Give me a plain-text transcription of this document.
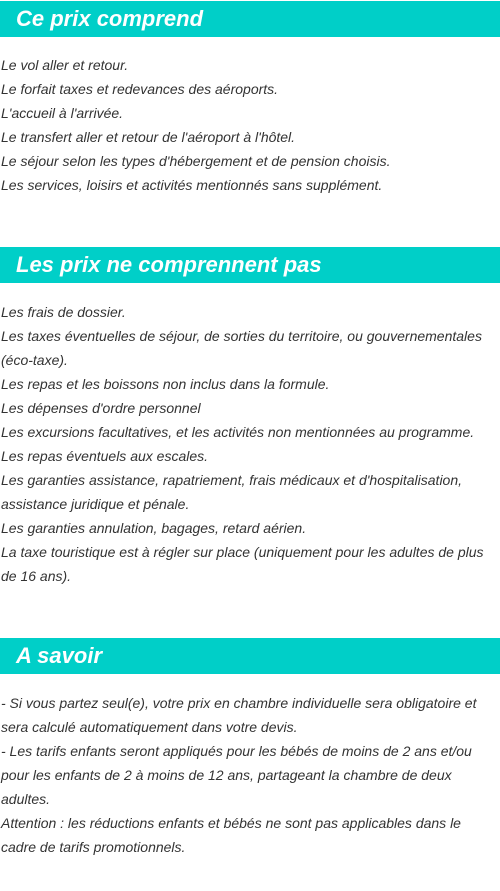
Ce prix comprend
Le vol aller et retour.
Le forfait taxes et redevances des aéroports.
L'accueil à l'arrivée.
Le transfert aller et retour de l'aéroport à l'hôtel.
Le séjour selon les types d'hébergement et de pension choisis.
Les services, loisirs et activités mentionnés sans supplément.
Les prix ne comprennent pas
Les frais de dossier.
Les taxes éventuelles de séjour, de sorties du territoire, ou gouvernementales (éco-taxe).
Les repas et les boissons non inclus dans la formule.
Les dépenses d'ordre personnel
Les excursions facultatives, et les activités non mentionnées au programme.
Les repas éventuels aux escales.
Les garanties assistance, rapatriement, frais médicaux et d'hospitalisation, assistance juridique et pénale.
Les garanties annulation, bagages, retard aérien.
La taxe touristique est à régler sur place (uniquement pour les adultes de plus de 16 ans).
A savoir
- Si vous partez seul(e), votre prix en chambre individuelle sera obligatoire et sera calculé automatiquement dans votre devis.
- Les tarifs enfants seront appliqués pour les bébés de moins de 2 ans et/ou pour les enfants de 2 à moins de 12 ans, partageant la chambre de deux adultes.
Attention : les réductions enfants et bébés ne sont pas applicables dans le cadre de tarifs promotionnels.
